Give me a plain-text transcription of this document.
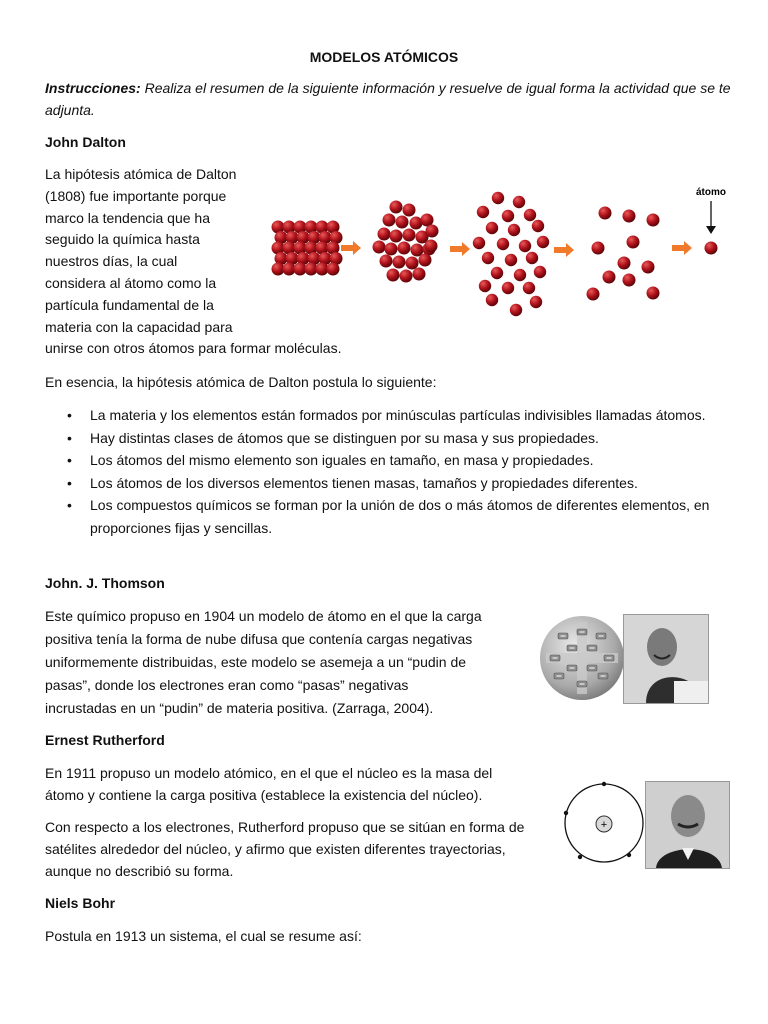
MODELOS ATÓMICOS

Instrucciones: Realiza el resumen de la siguiente información y resuelve de igual forma la actividad que se te adjunta.

John Dalton

La hipótesis atómica de Dalton
(1808) fue importante porque
marco la tendencia que ha
seguido la química hasta
nuestros días, la cual
considera al átomo como la
partícula fundamental de la
materia con la capacidad para
unirse con otros átomos para formar moléculas.
átomo

En esencia, la hipótesis atómica de Dalton postula lo siguiente:

• La materia y los elementos están formados por minúsculas partículas indivisibles llamadas átomos.
• Hay distintas clases de átomos que se distinguen por su masa y sus propiedades.
• Los átomos del mismo elemento son iguales en tamaño, en masa y propiedades.
• Los átomos de los diversos elementos tienen masas, tamaños y propiedades diferentes.
• Los compuestos químicos se forman por la unión de dos o más átomos de diferentes elementos, en proporciones fijas y sencillas.

John. J. Thomson

Este químico propuso en 1904 un modelo de átomo en el que la carga
positiva tenía la forma de nube difusa que contenía cargas negativas
uniformemente distribuidas, este modelo se asemeja a un “pudin de
pasas”, donde los electrones eran como “pasas” negativas
incrustadas en un “pudin” de materia positiva. (Zarraga, 2004).

Ernest Rutherford

En 1911 propuso un modelo atómico, en el que el núcleo es la masa del
átomo y contiene la carga positiva (establece la existencia del núcleo).
Con respecto a los electrones, Rutherford propuso que se sitúan en forma de
satélites alrededor del núcleo, y afirmo que existen diferentes trayectorias,
aunque no describió su forma.
+

Niels Bohr

Postula en 1913 un sistema, el cual se resume así:
